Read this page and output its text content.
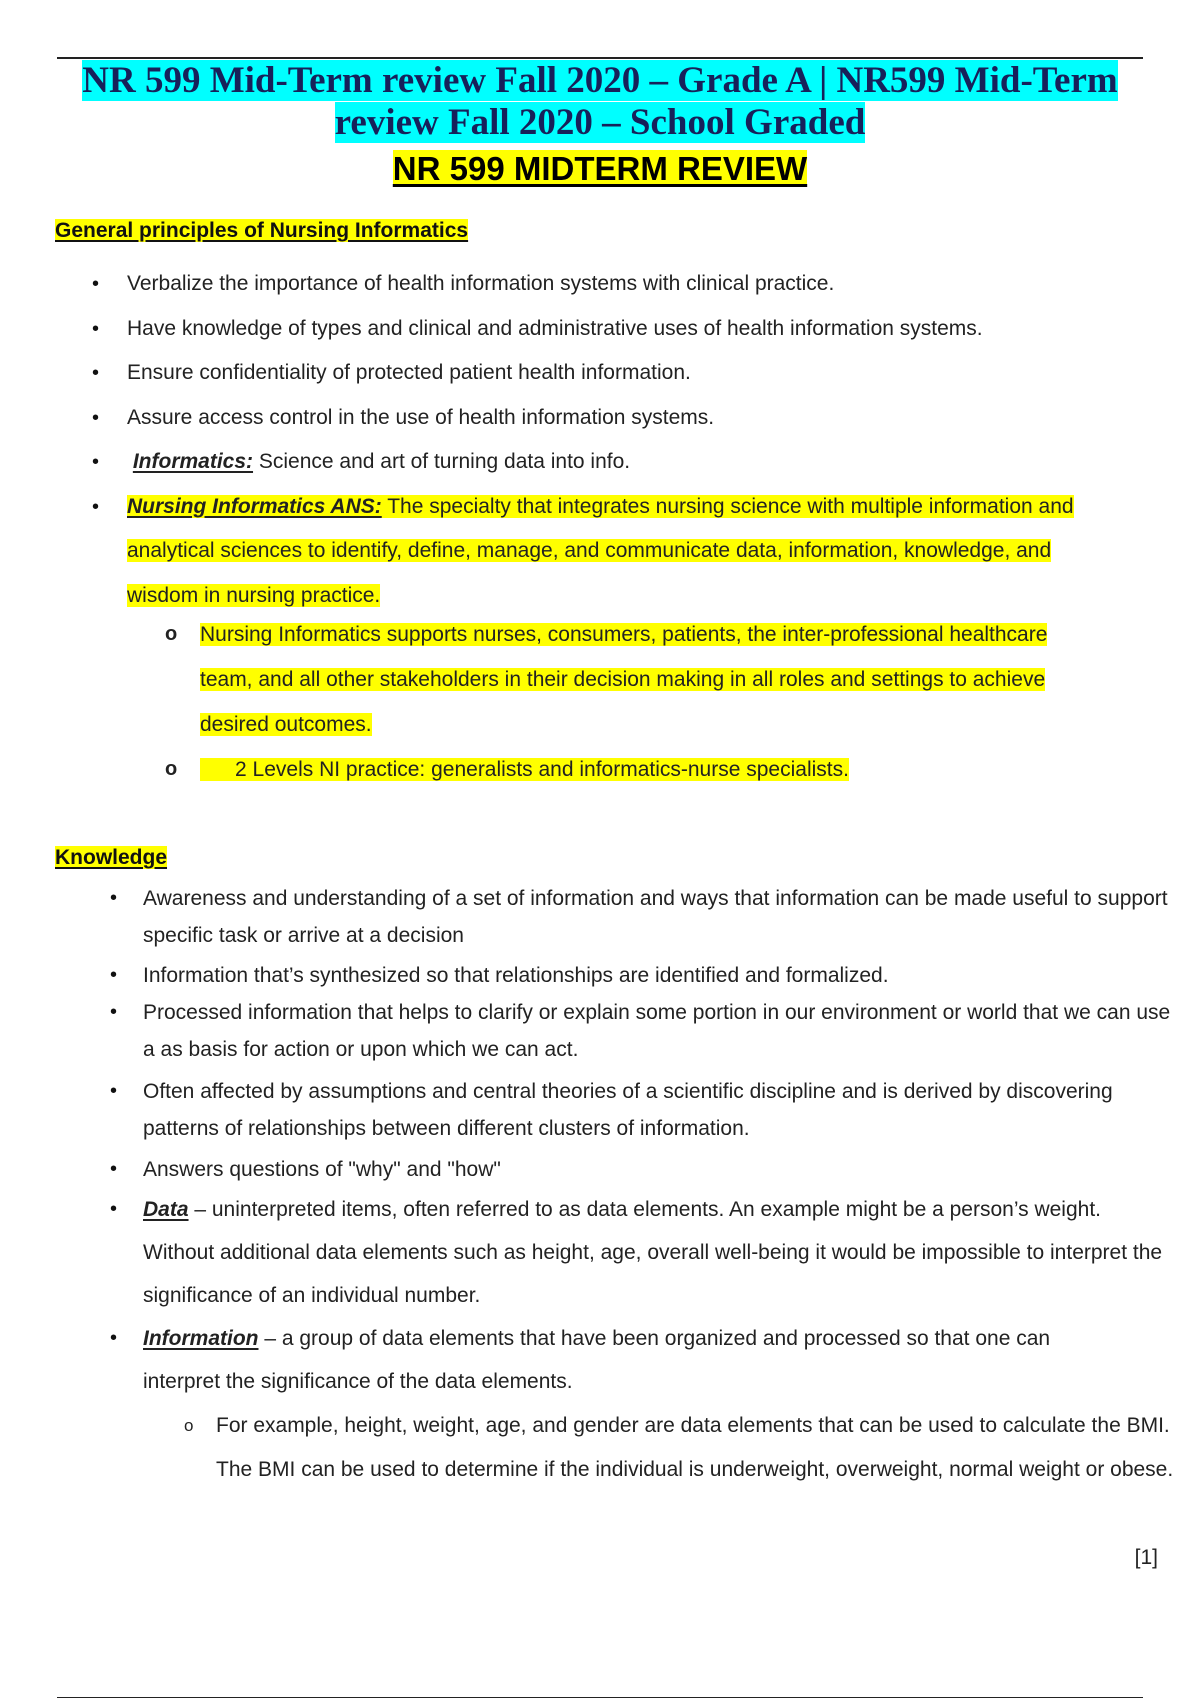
NR 599 Mid-Term review Fall 2020 – Grade A | NR599 Mid-Term
review Fall 2020 – School Graded
NR 599 MIDTERM REVIEW
General principles of Nursing Informatics
• Verbalize the importance of health information systems with clinical practice.
• Have knowledge of types and clinical and administrative uses of health information systems.
• Ensure confidentiality of protected patient health information.
• Assure access control in the use of health information systems.
• Informatics: Science and art of turning data into info.
• Nursing Informatics ANS: The specialty that integrates nursing science with multiple information and analytical sciences to identify, define, manage, and communicate data, information, knowledge, and wisdom in nursing practice.
o Nursing Informatics supports nurses, consumers, patients, the inter-professional healthcare team, and all other stakeholders in their decision making in all roles and settings to achieve desired outcomes.
o	2 Levels NI practice: generalists and informatics-nurse specialists.
Knowledge
• Awareness and understanding of a set of information and ways that information can be made useful to support specific task or arrive at a decision
• Information that’s synthesized so that relationships are identified and formalized.
• Processed information that helps to clarify or explain some portion in our environment or world that we can use a as basis for action or upon which we can act.
• Often affected by assumptions and central theories of a scientific discipline and is derived by discovering patterns of relationships between different clusters of information.
• Answers questions of "why" and "how"
• Data – uninterpreted items, often referred to as data elements. An example might be a person’s weight. Without additional data elements such as height, age, overall well-being it would be impossible to interpret the significance of an individual number.
• Information – a group of data elements that have been organized and processed so that one can interpret the significance of the data elements.
o For example, height, weight, age, and gender are data elements that can be used to calculate the BMI. The BMI can be used to determine if the individual is underweight, overweight, normal weight or obese.
[1]
